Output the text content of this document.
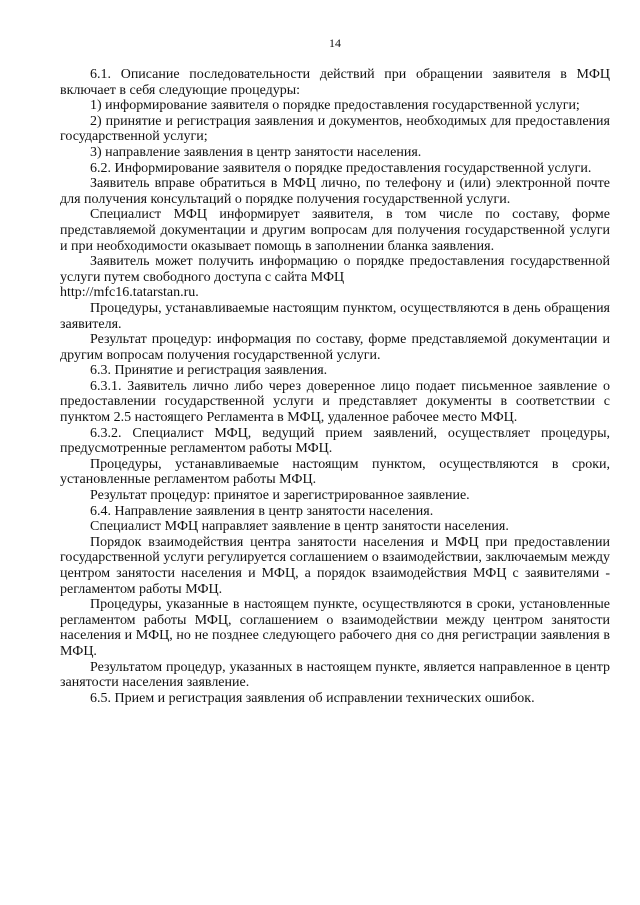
14

6.1. Описание последовательности действий при обращении заявителя в МФЦ включает в себя следующие процедуры:

1) информирование заявителя о порядке предоставления государственной услуги;

2) принятие и регистрация заявления и документов, необходимых для предоставления государственной услуги;

3) направление заявления в центр занятости населения.

6.2. Информирование заявителя о порядке предоставления государственной услуги.

Заявитель вправе обратиться в МФЦ лично, по телефону и (или) электронной почте для получения консультаций о порядке получения государственной услуги.

Специалист МФЦ информирует заявителя, в том числе по составу, форме представляемой документации и другим вопросам для получения государственной услуги и при необходимости оказывает помощь в заполнении бланка заявления.

Заявитель может получить информацию о порядке предоставления государственной услуги путем свободного доступа с сайта МФЦ

http://mfc16.tatarstan.ru.

Процедуры, устанавливаемые настоящим пунктом, осуществляются в день обращения заявителя.

Результат процедур: информация по составу, форме представляемой документации и другим вопросам получения государственной услуги.

6.3. Принятие и регистрация заявления.

6.3.1. Заявитель лично либо через доверенное лицо подает письменное заявление о предоставлении государственной услуги и представляет документы в соответствии с пунктом 2.5 настоящего Регламента в МФЦ, удаленное рабочее место МФЦ.

6.3.2. Специалист МФЦ, ведущий прием заявлений, осуществляет процедуры, предусмотренные регламентом работы МФЦ.

Процедуры, устанавливаемые настоящим пунктом, осуществляются в сроки, установленные регламентом работы МФЦ.

Результат процедур: принятое и зарегистрированное заявление.

6.4. Направление заявления в центр занятости населения.

Специалист МФЦ направляет заявление в центр занятости населения.

Порядок взаимодействия центра занятости населения и МФЦ при предоставлении государственной услуги регулируется соглашением о взаимодействии, заключаемым между центром занятости населения и МФЦ, а порядок взаимодействия МФЦ с заявителями - регламентом работы МФЦ.

Процедуры, указанные в настоящем пункте, осуществляются в сроки, установленные регламентом работы МФЦ, соглашением о взаимодействии между центром занятости населения и МФЦ, но не позднее следующего рабочего дня со дня регистрации заявления в МФЦ.

Результатом процедур, указанных в настоящем пункте, является направленное в центр занятости населения заявление.

6.5. Прием и регистрация заявления об исправлении технических ошибок.
